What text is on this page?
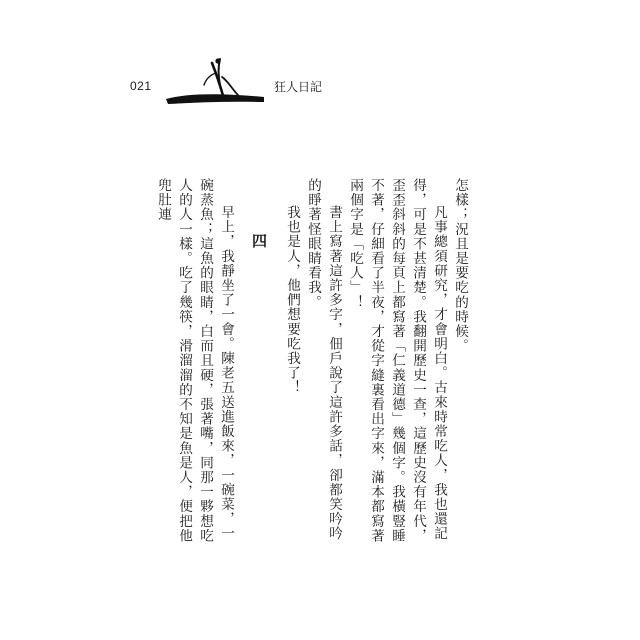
021	狂人日記

怎樣；況且是要吃的時候。

凡事總須研究，才會明白。古來時常吃人，我也還記得，可是不甚清楚。我翻開歷史一查，這歷史沒有年代，歪歪斜斜的每頁上都寫著「仁義道德」幾個字。我橫豎睡不著，仔細看了半夜，才從字縫裏看出字來，滿本都寫著兩個字是「吃人」！

書上寫著這許多字，佃戶說了這許多話，卻都笑吟吟的睜著怪眼睛看我。

我也是人，他們想要吃我了！

四

早上，我靜坐了一會。陳老五送進飯來，一碗菜，一碗蒸魚；這魚的眼睛，白而且硬，張著嘴，同那一夥想吃人的人一樣。吃了幾筷，滑溜溜的不知是魚是人，便把他兜肚連
